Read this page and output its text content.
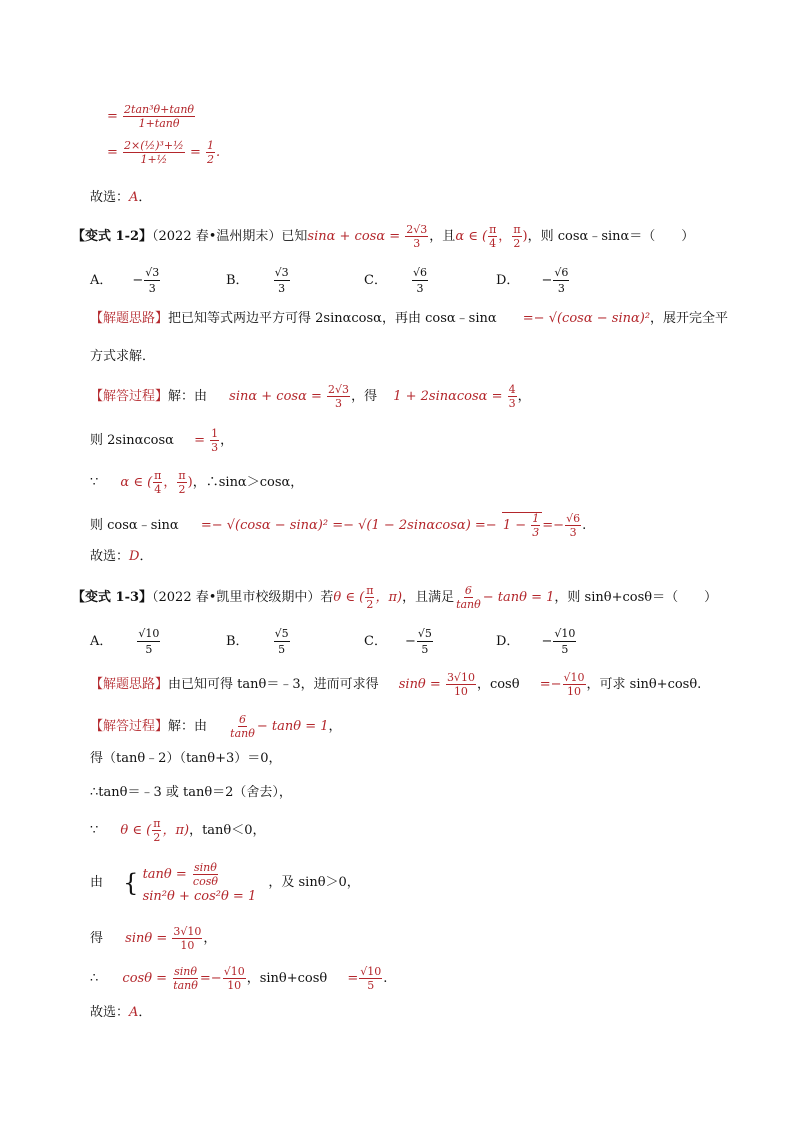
= $\frac{\text{2tan³θ+tanθ}}{1+\tan\theta}$
= $\frac{\text{2×(½)³+½}}{\text{1+½}} = \frac{1}{2}$ .
故选：A．
【变式 1-2】（2022 春•温州期末）已知$\sin\alpha + \cos\alpha = \frac{2√3}{3}$ ，且α ∈ ( $\frac{\pi}{4}$ ， $\frac{\pi}{2}$ )，则 cosα﹣sinα＝（　　）
A． − $\frac{√3}{3}$	B． $\frac{√3}{3}$	C． $\frac{√6}{3}$	D． − $\frac{√6}{3}$
【解题思路】把已知等式两边平方可得 2sinαcosα，再由 cosα﹣sinα =− √(cosα − sinα)²，展开完全平
方式求解．
【解答过程】解：由 $\sin\alpha + \cos\alpha = \frac{2√3}{3}$ ，得 $1 + 2\sin\alpha\cos\alpha = \frac{4}{3}$ ，
则 $2\sin\alpha\cos\alpha = \frac{1}{3}$ ，
∵ α ∈ ( $\frac{\pi}{4}$ ， $\frac{\pi}{2}$ )，∴sinα＞cosα，
则 cosα﹣sinα =− $√(\cos\alpha - \sin\alpha)^2 =- √(1 - 2\sin\alpha\cos\alpha) =- 1 - \frac{1}{3} =- \frac{√6}{3}$ .
故选：D．
【变式 1-3】（2022 春•凯里市校级期中）若θ ∈ ( $\frac{\pi}{2}$ ，π)，且满足 $\frac{6}{\tan\theta} - \tan\theta = 1$，则 sinθ+cosθ＝（　　）
A． $\frac{√10}{5}$	B． $\frac{√5}{5}$	C． − $\frac{√5}{5}$	D． − $\frac{√10}{5}$
【解题思路】由已知可得 tanθ＝﹣3，进而可求得 $\sin\theta = \frac{3√10}{10}$ ，$\cos\theta =- \frac{√10}{10}$ ，可求 sinθ+cosθ.
【解答过程】解：由 $\frac{6}{\tan\theta} - \tan\theta = 1$，
得（tanθ﹣2）（tanθ+3）＝0，
∴tanθ＝﹣3 或 tanθ＝2（舍去），
∵ θ ∈ ( $\frac{\pi}{2}$ ，π)，tanθ＜0，
由 { $\tan\theta = \frac{\sin\theta}{\cos\theta}$
sin²θ + cos²θ = 1
，及 sinθ＞0，
得 $\sin\theta = \frac{3√10}{10}$ ，
∴ $\cos\theta = \frac{\sin\theta}{\tan\theta} =- \frac{√10}{10}$ ，$\sin\theta+\cos\theta = \frac{√10}{5}$ .
故选：A．
